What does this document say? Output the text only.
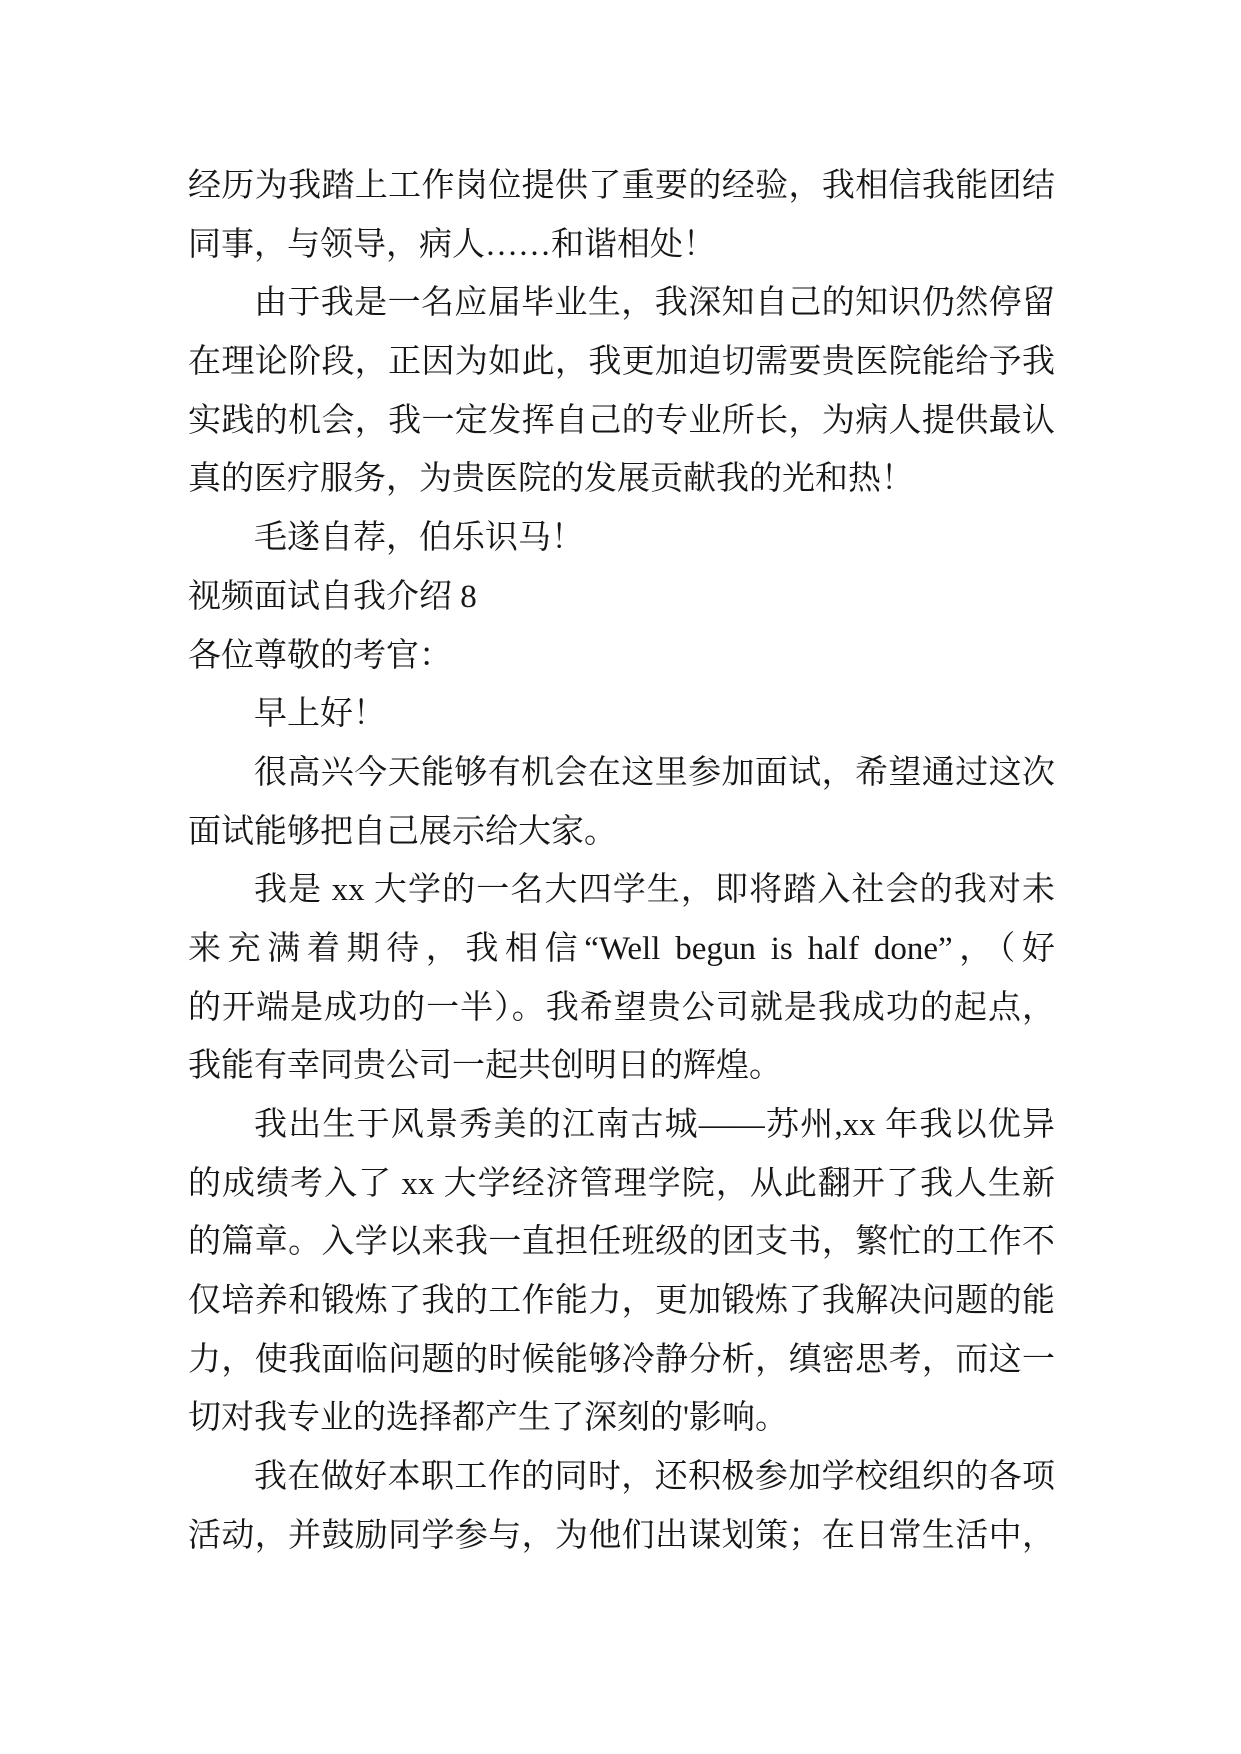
经历为我踏上工作岗位提供了重要的经验，我相信我能团结
同事，与领导，病人……和谐相处！
由于我是一名应届毕业生，我深知自己的知识仍然停留
在理论阶段，正因为如此，我更加迫切需要贵医院能给予我
实践的机会，我一定发挥自己的专业所长，为病人提供最认
真的医疗服务，为贵医院的发展贡献我的光和热！
毛遂自荐，伯乐识马！
视频面试自我介绍 8
各位尊敬的考官：
早上好！
很高兴今天能够有机会在这里参加面试，希望通过这次
面试能够把自己展示给大家。
我是 xx 大学的一名大四学生，即将踏入社会的我对未
来充满着期待，我相信“Well begun is half done”，（好
的开端是成功的一半）。我希望贵公司就是我成功的起点，
我能有幸同贵公司一起共创明日的辉煌。
我出生于风景秀美的江南古城——苏州,xx 年我以优异
的成绩考入了 xx 大学经济管理学院，从此翻开了我人生新
的篇章。入学以来我一直担任班级的团支书，繁忙的工作不
仅培养和锻炼了我的工作能力，更加锻炼了我解决问题的能
力，使我面临问题的时候能够冷静分析，缜密思考，而这一
切对我专业的选择都产生了深刻的'影响。
我在做好本职工作的同时，还积极参加学校组织的各项
活动，并鼓励同学参与，为他们出谋划策；在日常生活中，
